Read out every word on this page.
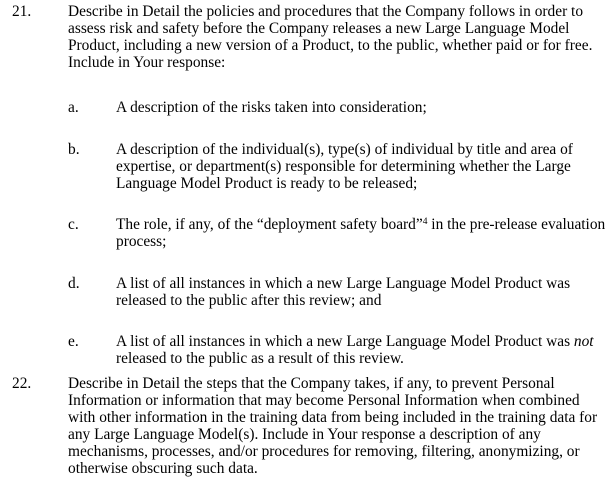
21.	Describe in Detail the policies and procedures that the Company follows in order to assess risk and safety before the Company releases a new Large Language Model Product, including a new version of a Product, to the public, whether paid or for free. Include in Your response:
a.	A description of the risks taken into consideration;
b.	A description of the individual(s), type(s) of individual by title and area of expertise, or department(s) responsible for determining whether the Large Language Model Product is ready to be released;
c.	The role, if any, of the “deployment safety board”$^4$ in the pre-release evaluation process;
d.	A list of all instances in which a new Large Language Model Product was released to the public after this review; and
e.	A list of all instances in which a new Large Language Model Product was not released to the public as a result of this review.
22.	Describe in Detail the steps that the Company takes, if any, to prevent Personal Information or information that may become Personal Information when combined with other information in the training data from being included in the training data for any Large Language Model(s). Include in Your response a description of any mechanisms, processes, and/or procedures for removing, filtering, anonymizing, or otherwise obscuring such data.
